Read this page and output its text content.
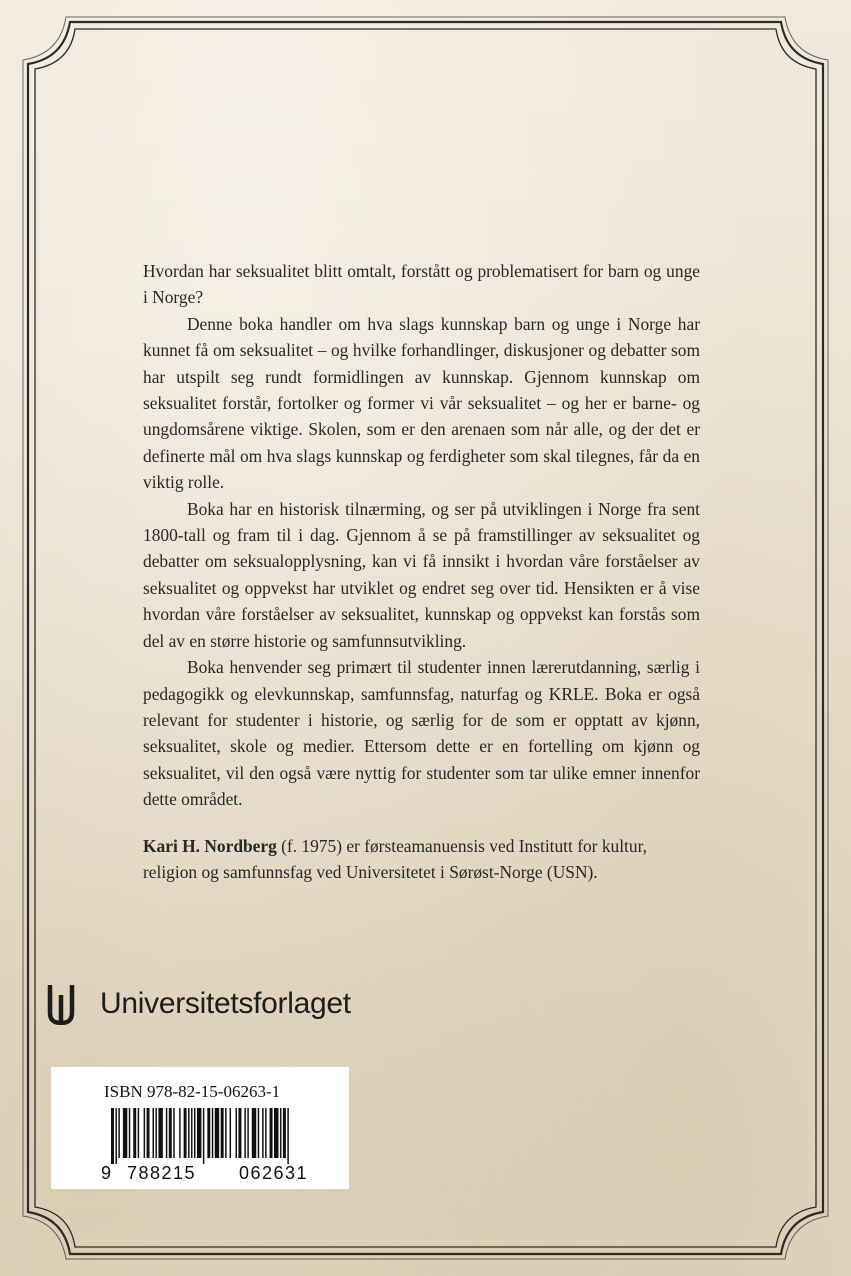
Hvordan har seksualitet blitt omtalt, forstått og problematisert for barn og unge i Norge?

Denne boka handler om hva slags kunnskap barn og unge i Norge har kunnet få om seksualitet – og hvilke forhandlinger, diskusjoner og debatter som har utspilt seg rundt formidlingen av kunnskap. Gjennom kunnskap om seksualitet forstår, fortolker og former vi vår seksualitet – og her er barne- og ungdomsårene viktige. Skolen, som er den arenaen som når alle, og der det er definerte mål om hva slags kunnskap og ferdigheter som skal tilegnes, får da en viktig rolle.

Boka har en historisk tilnærming, og ser på utviklingen i Norge fra sent 1800-tall og fram til i dag. Gjennom å se på framstillinger av seksualitet og debatter om seksualopplysning, kan vi få innsikt i hvordan våre forståelser av seksualitet og oppvekst har utviklet og endret seg over tid. Hensikten er å vise hvordan våre forståelser av seksualitet, kunnskap og oppvekst kan forstås som del av en større historie og samfunnsutvikling.

Boka henvender seg primært til studenter innen lærerutdanning, særlig i pedagogikk og elevkunnskap, samfunnsfag, naturfag og KRLE. Boka er også relevant for studenter i historie, og særlig for de som er opptatt av kjønn, seksualitet, skole og medier. Ettersom dette er en fortelling om kjønn og seksualitet, vil den også være nyttig for studenter som tar ulike emner innenfor dette området.

Kari H. Nordberg (f. 1975) er førsteamanuensis ved Institutt for kultur, religion og samfunnsfag ved Universitetet i Sørøst-Norge (USN).

Universitetsforlaget
ISBN 978-82-15-06263-1
9 788215 062631
